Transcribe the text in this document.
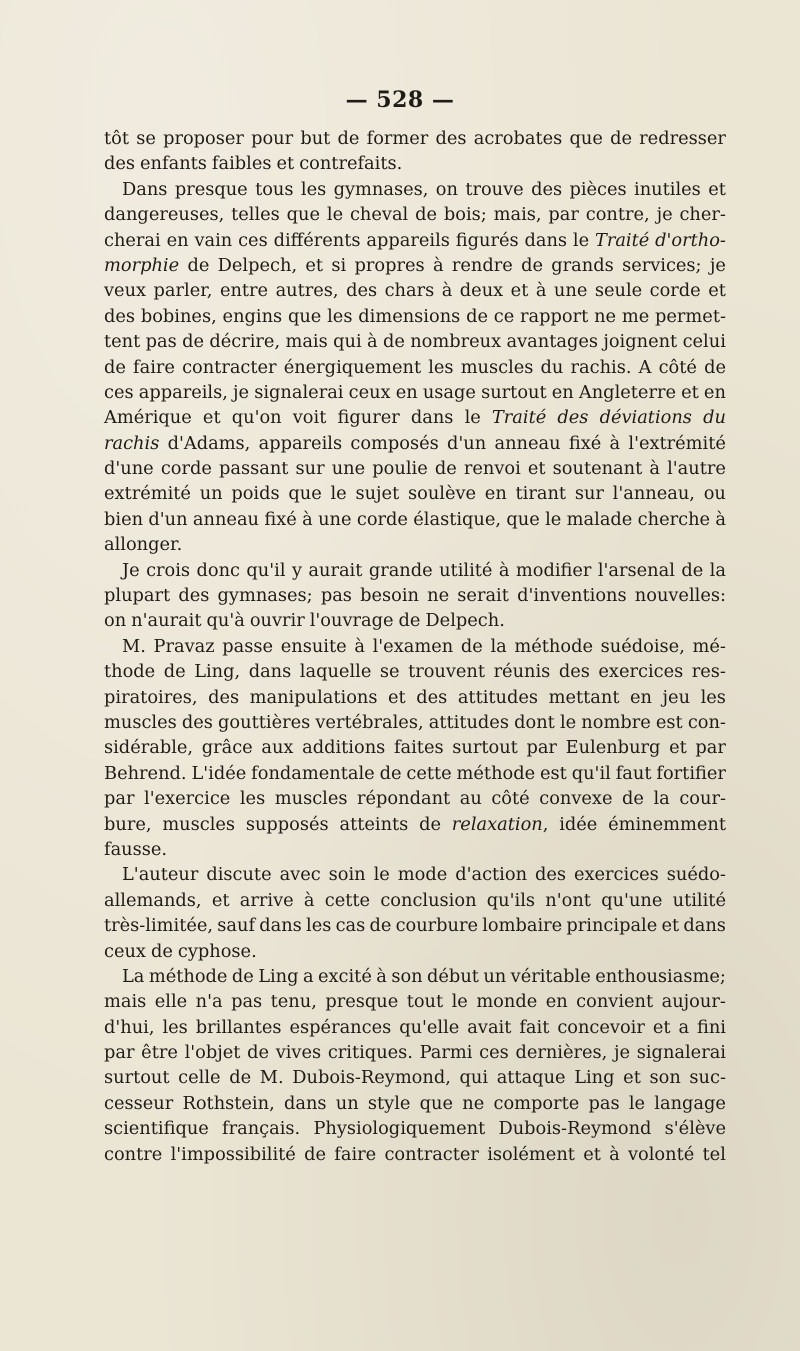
— 528 —
tôt se proposer pour but de former des acrobates que de redresser
des enfants faibles et contrefaits.
Dans presque tous les gymnases, on trouve des pièces inutiles et
dangereuses, telles que le cheval de bois; mais, par contre, je cher-
cherai en vain ces différents appareils figurés dans le Traité d'ortho-
morphie de Delpech, et si propres à rendre de grands services; je
veux parler, entre autres, des chars à deux et à une seule corde et
des bobines, engins que les dimensions de ce rapport ne me permet-
tent pas de décrire, mais qui à de nombreux avantages joignent celui
de faire contracter énergiquement les muscles du rachis. A côté de
ces appareils, je signalerai ceux en usage surtout en Angleterre et en
Amérique et qu'on voit figurer dans le Traité des déviations du
rachis d'Adams, appareils composés d'un anneau fixé à l'extrémité
d'une corde passant sur une poulie de renvoi et soutenant à l'autre
extrémité un poids que le sujet soulève en tirant sur l'anneau, ou
bien d'un anneau fixé à une corde élastique, que le malade cherche à
allonger.
Je crois donc qu'il y aurait grande utilité à modifier l'arsenal de la
plupart des gymnases; pas besoin ne serait d'inventions nouvelles:
on n'aurait qu'à ouvrir l'ouvrage de Delpech.
M. Pravaz passe ensuite à l'examen de la méthode suédoise, mé-
thode de Ling, dans laquelle se trouvent réunis des exercices res-
piratoires, des manipulations et des attitudes mettant en jeu les
muscles des gouttières vertébrales, attitudes dont le nombre est con-
sidérable, grâce aux additions faites surtout par Eulenburg et par
Behrend. L'idée fondamentale de cette méthode est qu'il faut fortifier
par l'exercice les muscles répondant au côté convexe de la cour-
bure, muscles supposés atteints de relaxation, idée éminemment
fausse.
L'auteur discute avec soin le mode d'action des exercices suédo-
allemands, et arrive à cette conclusion qu'ils n'ont qu'une utilité
très-limitée, sauf dans les cas de courbure lombaire principale et dans
ceux de cyphose.
La méthode de Ling a excité à son début un véritable enthousiasme;
mais elle n'a pas tenu, presque tout le monde en convient aujour-
d'hui, les brillantes espérances qu'elle avait fait concevoir et a fini
par être l'objet de vives critiques. Parmi ces dernières, je signalerai
surtout celle de M. Dubois-Reymond, qui attaque Ling et son suc-
cesseur Rothstein, dans un style que ne comporte pas le langage
scientifique français. Physiologiquement Dubois-Reymond s'élève
contre l'impossibilité de faire contracter isolément et à volonté tel
